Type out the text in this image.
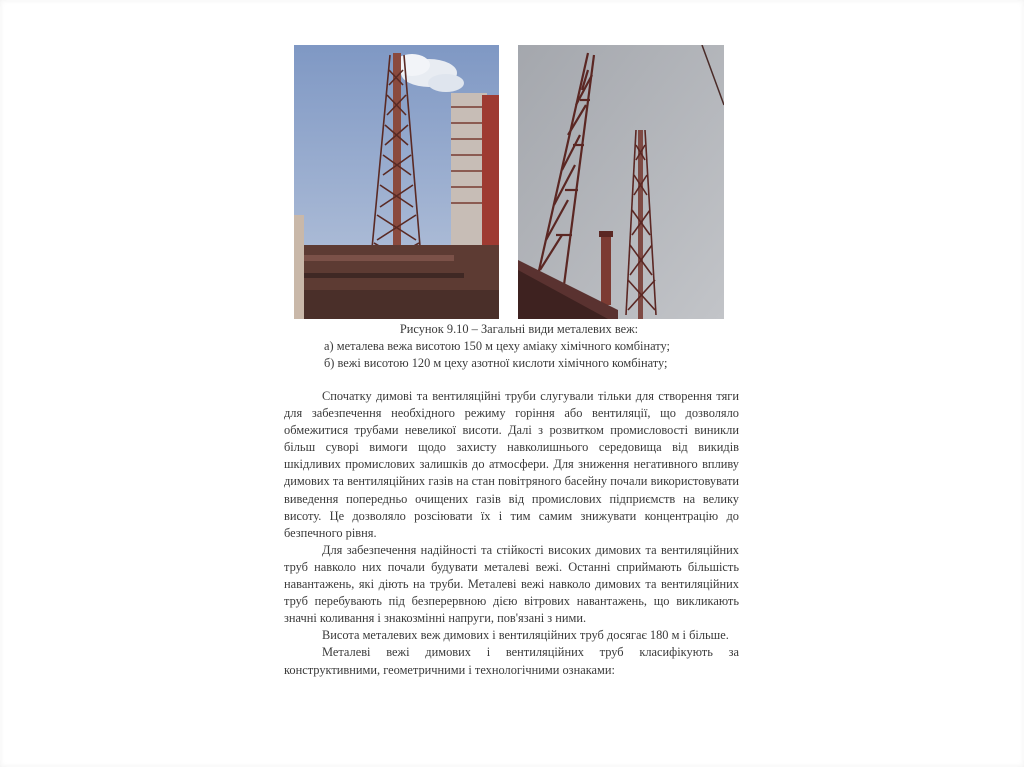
Рисунок 9.10 – Загальні види металевих веж:
а) металева вежа висотою 150 м цеху аміаку хімічного комбінату;
б) вежі висотою 120 м цеху азотної кислоти хімічного комбінату;

Спочатку димові та вентиляційні труби слугували тільки для створення тяги для забезпечення необхідного режиму горіння або вентиляції, що дозволяло обмежитися трубами невеликої висоти. Далі з розвитком промисловості виникли більш суворі вимоги щодо захисту навколишнього середовища від викидів шкідливих промислових залишків до атмосфери. Для зниження негативного впливу димових та вентиляційних газів на стан повітряного басейну почали використовувати виведення попередньо очищених газів від промислових підприємств на велику висоту. Це дозволяло розсіювати їх і тим самим знижувати концентрацію до безпечного рівня.

Для забезпечення надійності та стійкості високих димових та вентиляційних труб навколо них почали будувати металеві вежі. Останні сприймають більшість навантажень, які діють на труби. Металеві вежі навколо димових та вентиляційних труб перебувають під безперервною дією вітрових навантажень, що викликають значні коливання і знакозмінні напруги, пов'язані з ними.

Висота металевих веж димових і вентиляційних труб досягає 180 м і більше.

Металеві вежі димових і вентиляційних труб класифікують за конструктивними, геометричними і технологічними ознаками:
